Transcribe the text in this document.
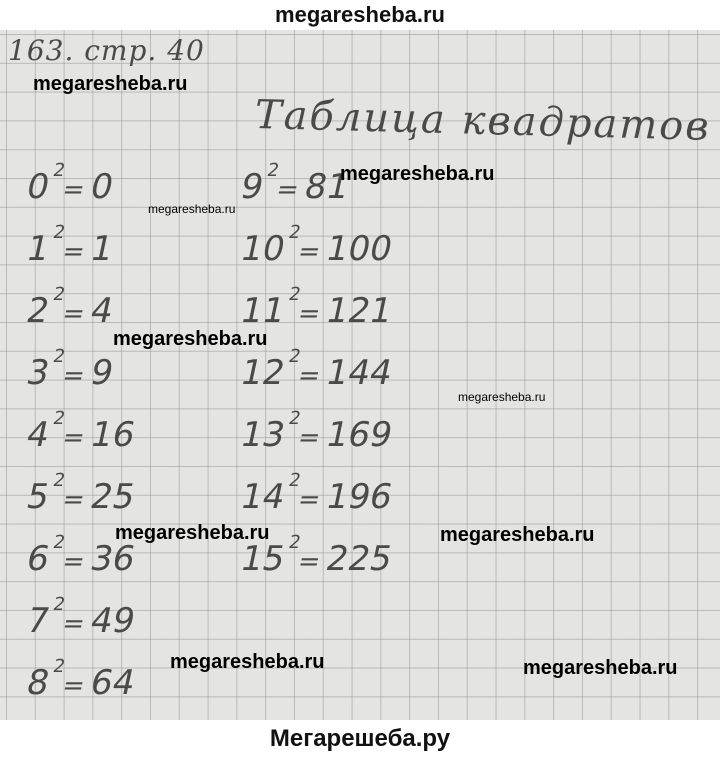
megaresheba.ru
163. стр. 40
Таблица квадратов
$0^2=0$
$1^2=1$
$2^2=4$
$3^2=9$
$4^2=16$
$5^2=25$
$6^2=36$
$7^2=49$
$8^2=64$
$9^2=81$
$10^2=100$
$11^2=121$
$12^2=144$
$13^2=169$
$14^2=196$
$15^2=225$
megaresheba.ru
megaresheba.ru
megaresheba.ru
megaresheba.ru
megaresheba.ru
megaresheba.ru	megaresheba.ru
megaresheba.ru	megaresheba.ru
Мегарешеба.ру
